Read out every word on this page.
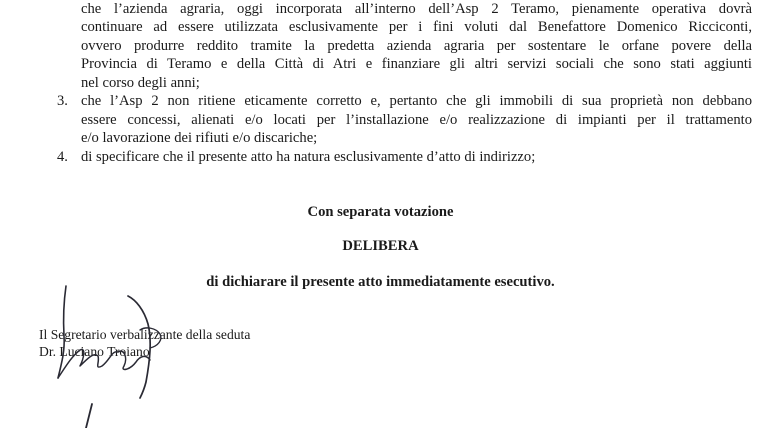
che l’azienda agraria, oggi incorporata all’interno dell’Asp 2 Teramo, pienamente operativa dovrà
continuare ad essere utilizzata esclusivamente per i fini voluti dal Benefattore Domenico Ricciconti,
ovvero produrre reddito tramite la predetta azienda agraria per sostentare le orfane povere della
Provincia di Teramo e della Città di Atri e finanziare gli altri servizi sociali che sono stati aggiunti
nel corso degli anni;
3. che l’Asp 2 non ritiene eticamente corretto e, pertanto che gli immobili di sua proprietà non debbano
essere concessi, alienati e/o locati per l’installazione e/o realizzazione di impianti per il trattamento
e/o lavorazione dei rifiuti e/o discariche;
4. di specificare che il presente atto ha natura esclusivamente d’atto di indirizzo;
Con separata votazione
DELIBERA
di dichiarare il presente atto immediatamente esecutivo.
Il Segretario verbalizzante della seduta
Dr. Luciano Troiano
